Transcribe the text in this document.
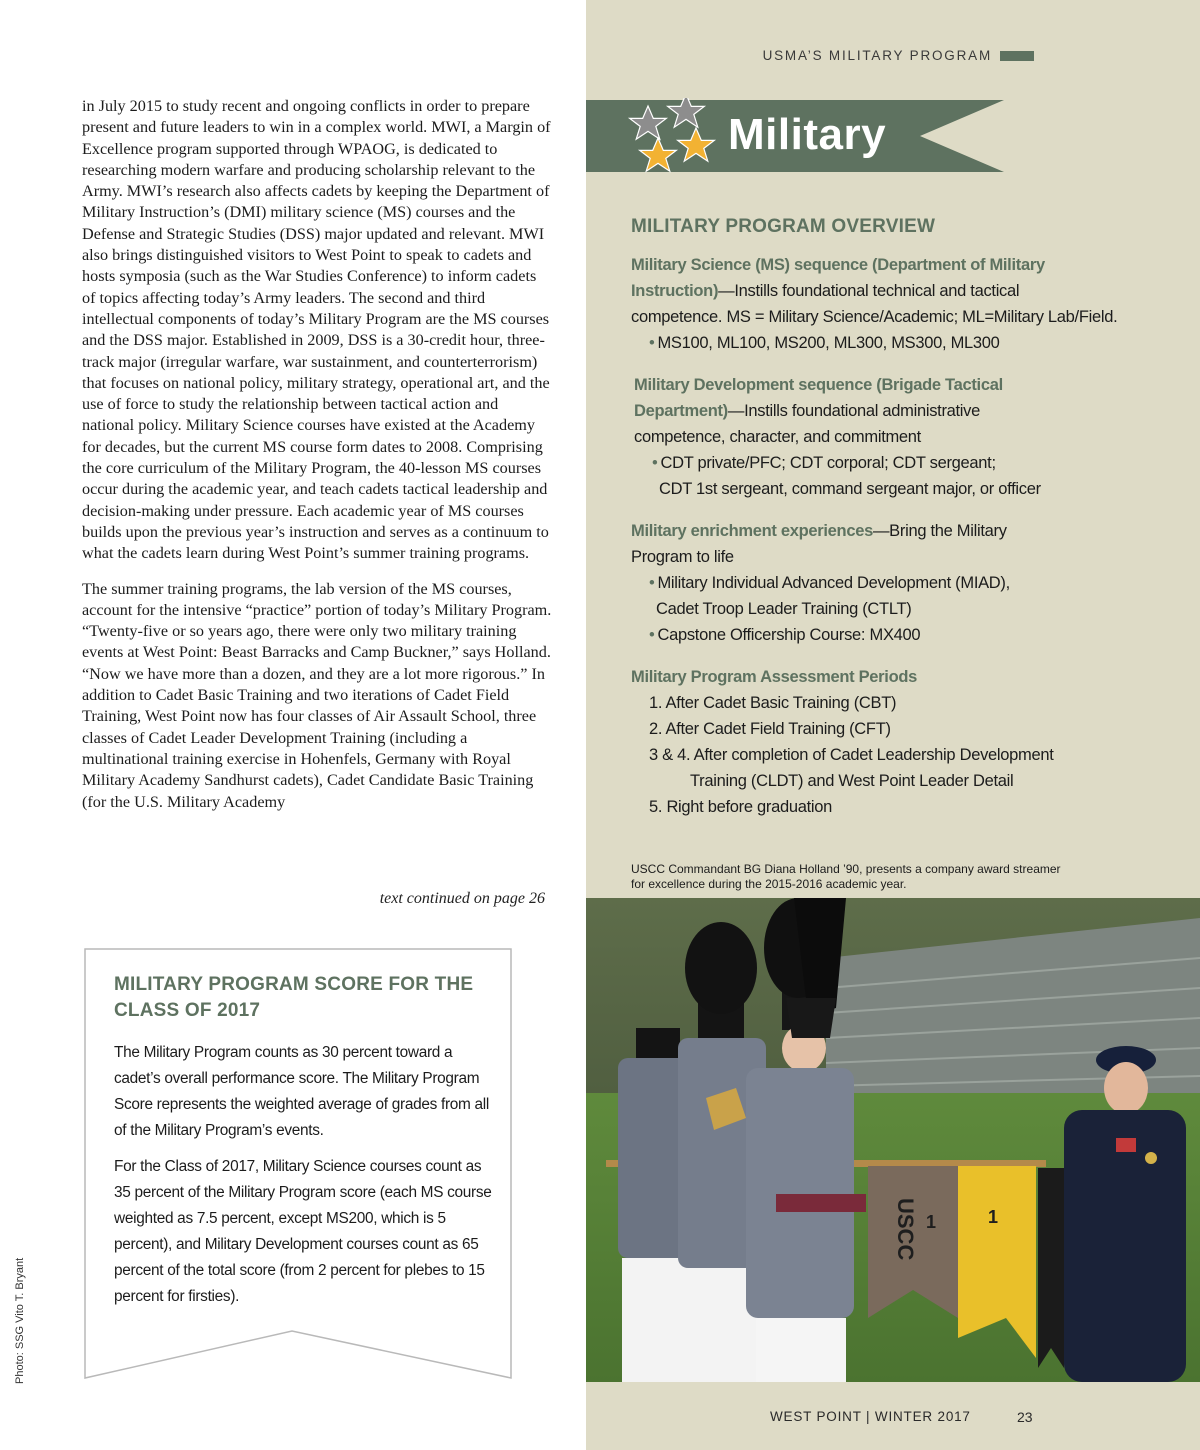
in July 2015 to study recent and ongoing conflicts in order to prepare present and future leaders to win in a complex world. MWI, a Margin of Excellence program supported through WPAOG, is dedicated to researching modern warfare and producing scholarship relevant to the Army. MWI’s research also affects cadets by keeping the Department of Military Instruction’s (DMI) military science (MS) courses and the Defense and Strategic Studies (DSS) major updated and relevant. MWI also brings distinguished visitors to West Point to speak to cadets and hosts symposia (such as the War Studies Conference) to inform cadets of topics affecting today’s Army leaders. The second and third intellectual components of today’s Military Program are the MS courses and the DSS major. Established in 2009, DSS is a 30-credit hour, three-track major (irregular warfare, war sustainment, and counterterrorism) that focuses on national policy, military strategy, operational art, and the use of force to study the relationship between tactical action and national policy. Military Science courses have existed at the Academy for decades, but the current MS course form dates to 2008. Comprising the core curriculum of the Military Program, the 40-lesson MS courses occur during the academic year, and teach cadets tactical leadership and decision-making under pressure. Each academic year of MS courses builds upon the previous year’s instruction and serves as a continuum to what the cadets learn during West Point’s summer training programs.

The summer training programs, the lab version of the MS courses, account for the intensive “practice” portion of today’s Military Program. “Twenty-five or so years ago, there were only two military training events at West Point: Beast Barracks and Camp Buckner,” says Holland. “Now we have more than a dozen, and they are a lot more rigorous.” In addition to Cadet Basic Training and two iterations of Cadet Field Training, West Point now has four classes of Air Assault School, three classes of Cadet Leader Development Training (including a multinational training exercise in Hohenfels, Germany with Royal Military Academy Sandhurst cadets), Cadet Candidate Basic Training (for the U.S. Military Academy

text continued on page 26
MILITARY PROGRAM SCORE FOR THE
CLASS OF 2017

The Military Program counts as 30 percent toward a cadet’s overall performance score. The Military Program Score represents the weighted average of grades from all of the Military Program’s events.

For the Class of 2017, Military Science courses count as 35 percent of the Military Program score (each MS course weighted as 7.5 percent, except MS200, which is 5 percent), and Military Development courses count as 65 percent of the total score (from 2 percent for plebes to 15 percent for firsties).

Photo: SSG Vito T. Bryant
USMA’S MILITARY PROGRAM
Military
MILITARY PROGRAM OVERVIEW
Military Science (MS) sequence (Department of Military
Instruction)—Instills foundational technical and tactical
competence. MS = Military Science/Academic; ML=Military Lab/Field.
• MS100, ML100, MS200, ML300, MS300, ML300
Military Development sequence (Brigade Tactical
Department)—Instills foundational administrative
competence, character, and commitment
• CDT private/PFC; CDT corporal; CDT sergeant;
CDT 1st sergeant, command sergeant major, or officer
Military enrichment experiences—Bring the Military
Program to life
• Military Individual Advanced Development (MIAD),
Cadet Troop Leader Training (CTLT)
• Capstone Officership Course: MX400
Military Program Assessment Periods
1. After Cadet Basic Training (CBT)
2. After Cadet Field Training (CFT)
3 & 4. After completion of Cadet Leadership Development
Training (CLDT) and West Point Leader Detail
5. Right before graduation
USCC Commandant BG Diana Holland ’90, presents a company award streamer
for excellence during the 2015-2016 academic year.
USCC 1	1
WEST POINT | WINTER 2017	23
